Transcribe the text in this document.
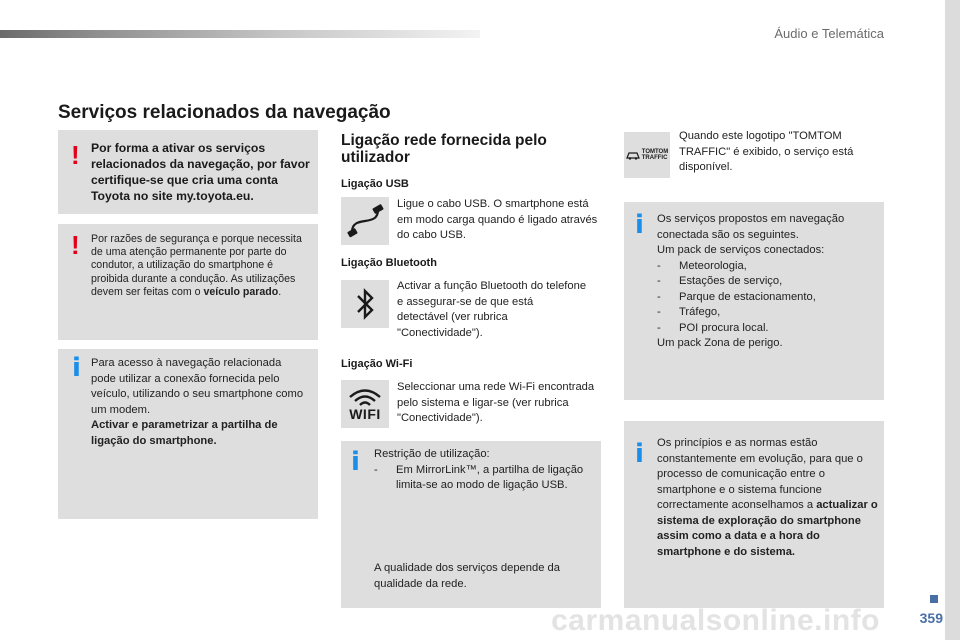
Áudio e Telemática
Serviços relacionados da navegação
! Por forma a ativar os serviços relacionados da navegação, por favor certifique-se que cria uma conta Toyota no site my.toyota.eu.
! Por razões de segurança e porque necessita de uma atenção permanente por parte do condutor, a utilização do smartphone é proibida durante a condução. As utilizações devem ser feitas com o veículo parado.
i Para acesso à navegação relacionada pode utilizar a conexão fornecida pelo veículo, utilizando o seu smartphone como um modem.
Activar e parametrizar a partilha de ligação do smartphone.
Ligação rede fornecida pelo utilizador
Ligação USB
Ligue o cabo USB. O smartphone está em modo carga quando é ligado através do cabo USB.
Ligação Bluetooth
Activar a função Bluetooth do telefone e assegurar-se de que está detectável (ver rubrica "Conectividade").
Ligação Wi-Fi
WIFI
Seleccionar uma rede Wi-Fi encontrada pelo sistema e ligar-se (ver rubrica "Conectividade").
i Restrição de utilização:
-	Em MirrorLink™, a partilha de ligação limita-se ao modo de ligação USB.
A qualidade dos serviços depende da qualidade da rede.
TOMTOM
TRAFFIC
Quando este logotipo "TOMTOM TRAFFIC" é exibido, o serviço está disponível.
i Os serviços propostos em navegação conectada são os seguintes.
Um pack de serviços conectados:
-	Meteorologia,
-	Estações de serviço,
-	Parque de estacionamento,
-	Tráfego,
-	POI procura local.
Um pack Zona de perigo.
i Os princípios e as normas estão constantemente em evolução, para que o processo de comunicação entre o smartphone e o sistema funcione correctamente aconselhamos a actualizar o sistema de exploração do smartphone assim como a data e a hora do smartphone e do sistema.
carmanualsonline.info	359
